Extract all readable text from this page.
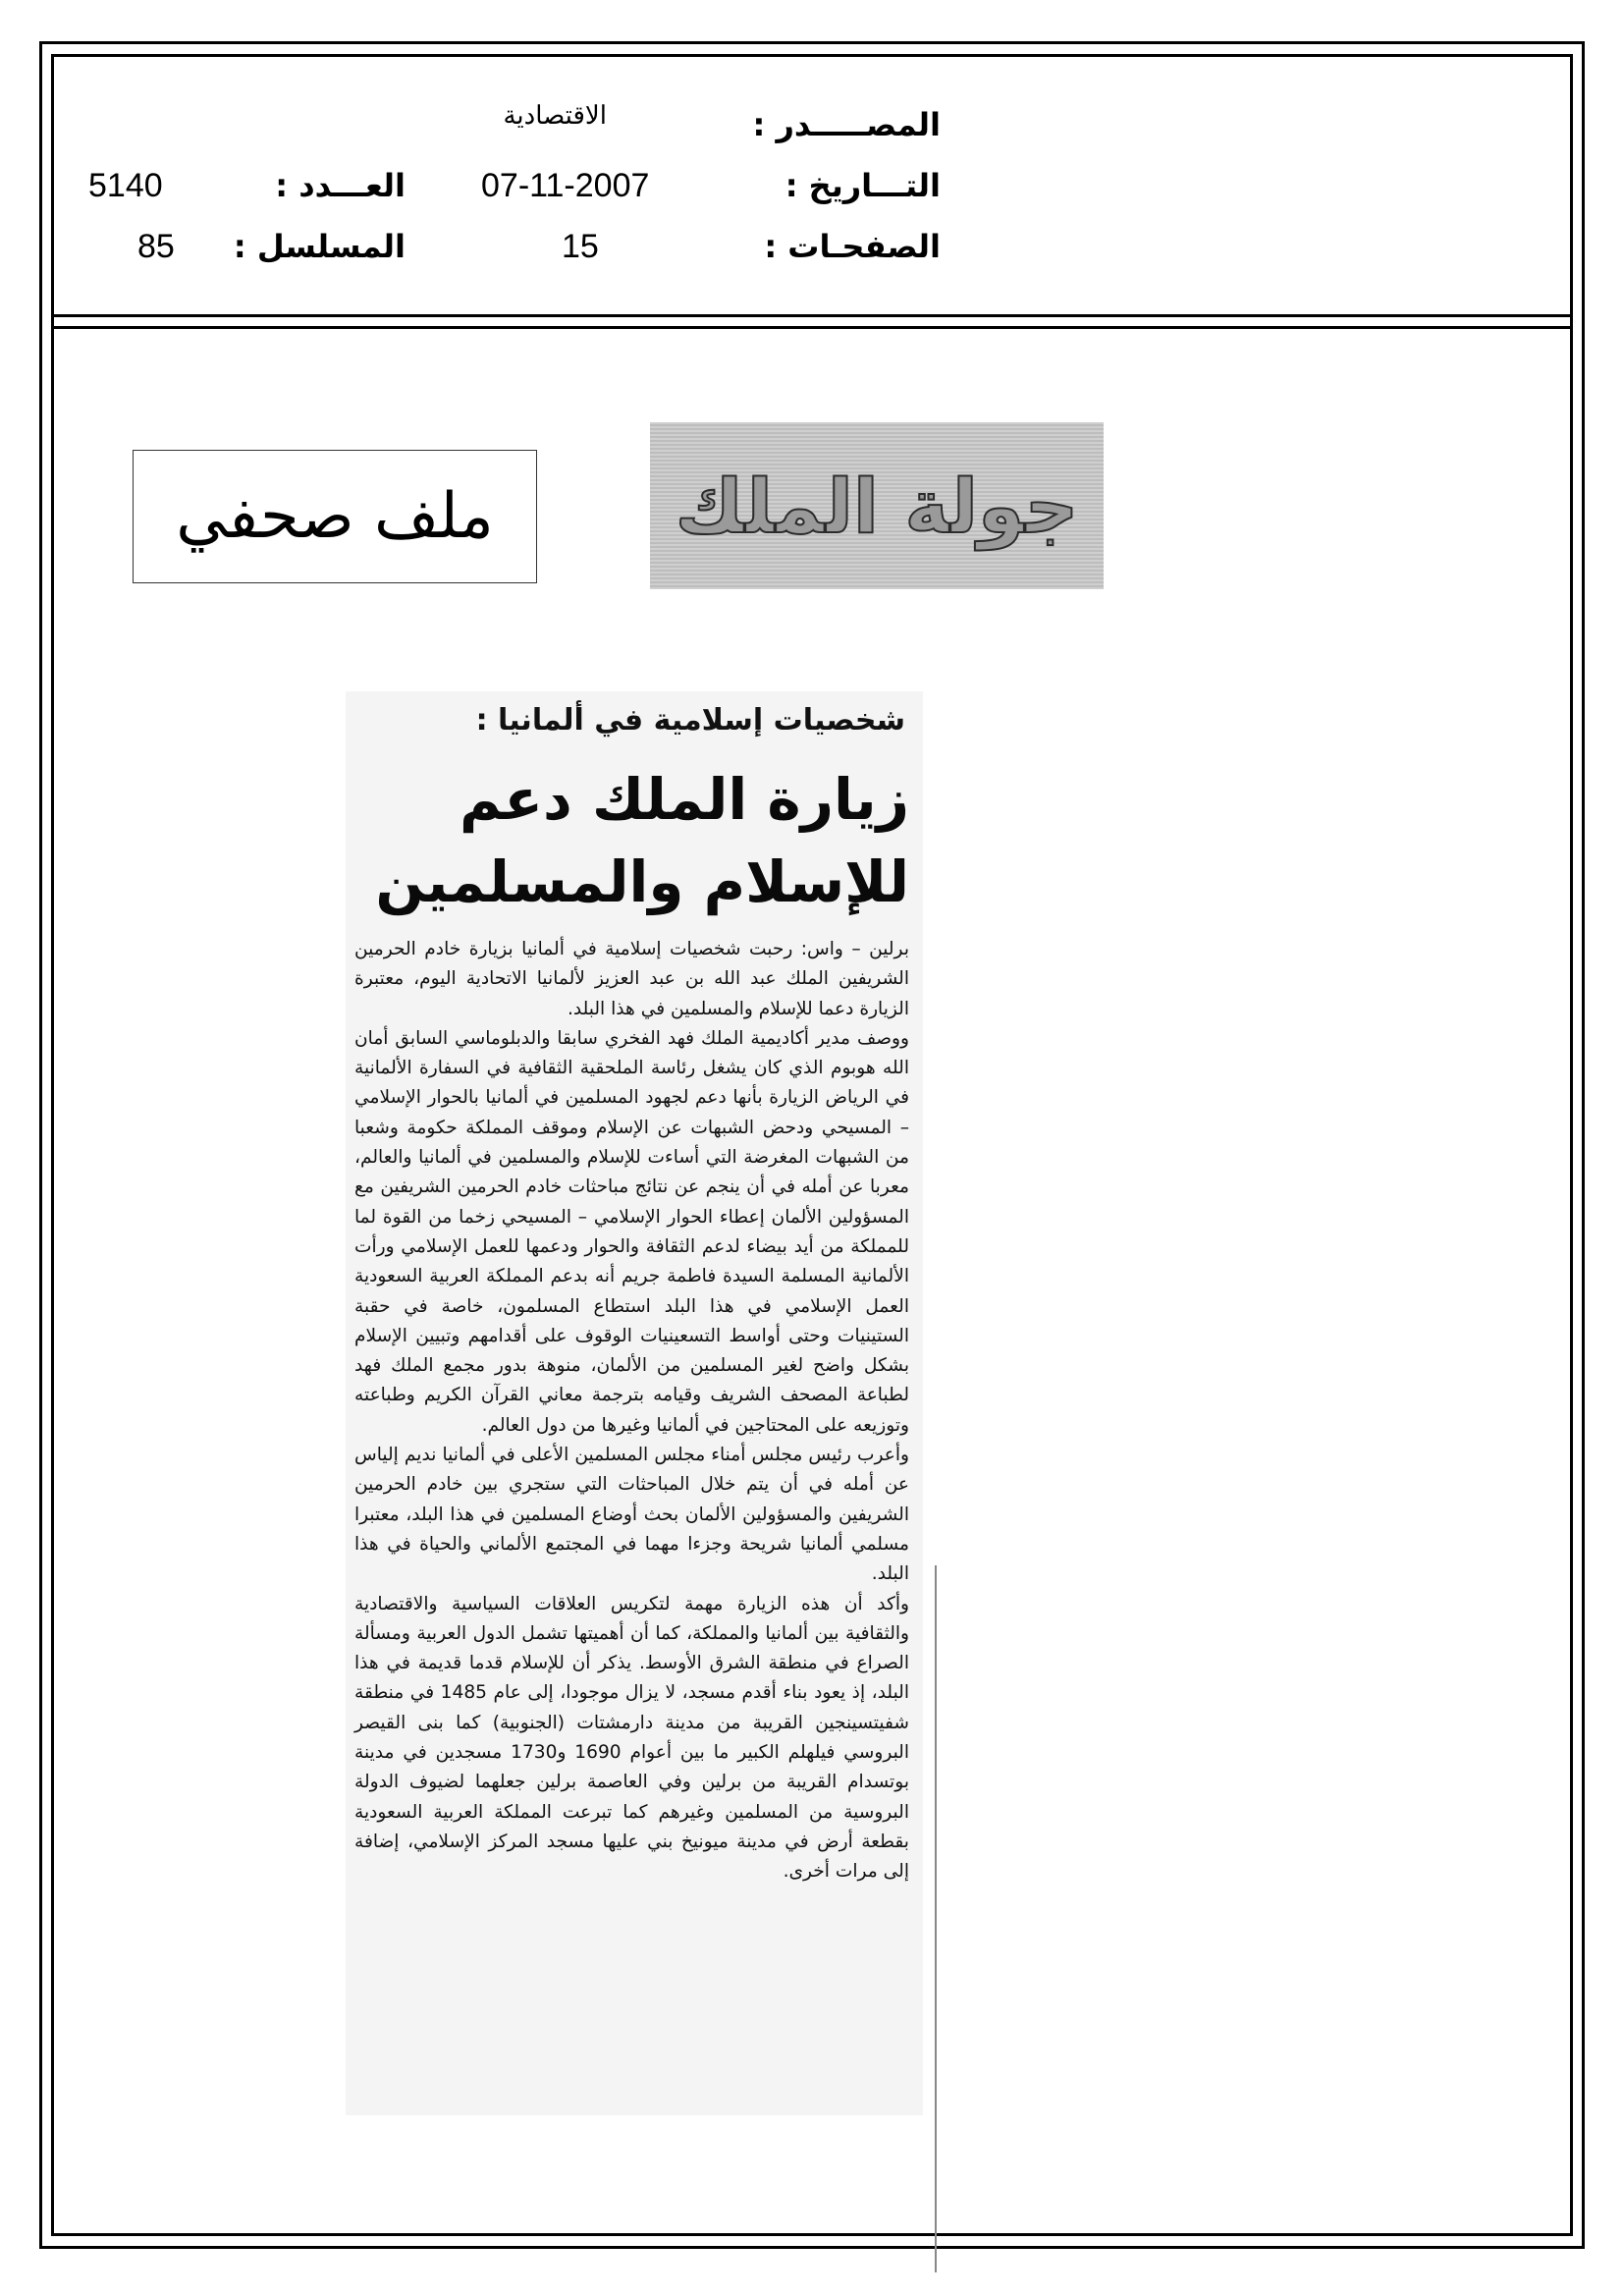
المصـــــدر :
الاقتصادية
التـــاريخ :
07-11-2007
العـــدد :
5140
الصفحـات :
15
المسلسل :
85
ملف صحفي جولة الملك
شخصيات إسلامية في ألمانيا :
زيارة الملك دعم للإسلام والمسلمين

برلين – واس: رحبت شخصيات إسلامية في ألمانيا بزيارة خادم الحرمين الشريفين الملك عبد الله بن عبد العزيز لألمانيا الاتحادية اليوم، معتبرة الزيارة دعما للإسلام والمسلمين في هذا البلد.

ووصف مدير أكاديمية الملك فهد الفخري سابقا والدبلوماسي السابق أمان الله هوبوم الذي كان يشغل رئاسة الملحقية الثقافية في السفارة الألمانية في الرياض الزيارة بأنها دعم لجهود المسلمين في ألمانيا بالحوار الإسلامي – المسيحي ودحض الشبهات عن الإسلام وموقف المملكة حكومة وشعبا من الشبهات المغرضة التي أساءت للإسلام والمسلمين في ألمانيا والعالم، معربا عن أمله في أن ينجم عن نتائج مباحثات خادم الحرمين الشريفين مع المسؤولين الألمان إعطاء الحوار الإسلامي – المسيحي زخما من القوة لما للمملكة من أيد بيضاء لدعم الثقافة والحوار ودعمها للعمل الإسلامي ورأت الألمانية المسلمة السيدة فاطمة جريم أنه بدعم المملكة العربية السعودية العمل الإسلامي في هذا البلد استطاع المسلمون، خاصة في حقبة الستينيات وحتى أواسط التسعينيات الوقوف على أقدامهم وتبيين الإسلام بشكل واضح لغير المسلمين من الألمان، منوهة بدور مجمع الملك فهد لطباعة المصحف الشريف وقيامه بترجمة معاني القرآن الكريم وطباعته وتوزيعه على المحتاجين في ألمانيا وغيرها من دول العالم.

وأعرب رئيس مجلس أمناء مجلس المسلمين الأعلى في ألمانيا نديم إلياس عن أمله في أن يتم خلال المباحثات التي ستجري بين خادم الحرمين الشريفين والمسؤولين الألمان بحث أوضاع المسلمين في هذا البلد، معتبرا مسلمي ألمانيا شريحة وجزءا مهما في المجتمع الألماني والحياة في هذا البلد.

وأكد أن هذه الزيارة مهمة لتكريس العلاقات السياسية والاقتصادية والثقافية بين ألمانيا والمملكة، كما أن أهميتها تشمل الدول العربية ومسألة الصراع في منطقة الشرق الأوسط. يذكر أن للإسلام قدما قديمة في هذا البلد، إذ يعود بناء أقدم مسجد، لا يزال موجودا، إلى عام 1485 في منطقة شفيتسينجين القريبة من مدينة دارمشتات (الجنوبية) كما بنى القيصر البروسي فيلهلم الكبير ما بين أعوام 1690 و1730 مسجدين في مدينة بوتسدام القريبة من برلين وفي العاصمة برلين جعلهما لضيوف الدولة البروسية من المسلمين وغيرهم كما تبرعت المملكة العربية السعودية بقطعة أرض في مدينة ميونيخ بني عليها مسجد المركز الإسلامي، إضافة إلى مرات أخرى.
